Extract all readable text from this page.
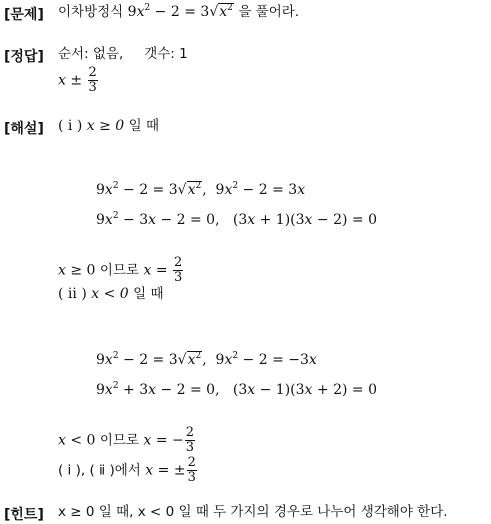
[문제] 이차방정식 $9x^2 - 2 = 3√x^2$ 을 풀어라.
[정답] 순서: 없음, 갯수: 1
$x \pm \frac{2}{3}$
[해설] ( ⅰ ) x ≥ 0 일 때
$9x^2 - 2 = 3√x^2$,  $9x^2 - 2 = 3x$
$9x^2 - 3x - 2 = 0$,   (3x + 1)(3x − 2) = 0
x ≥ 0 이므로 $x = \frac{2}{3}$
( ⅱ ) x < 0 일 때
$9x^2 - 2 = 3√x^2$,  $9x^2 - 2 = -3x$
$9x^2 + 3x - 2 = 0$,   (3x − 1)(3x + 2) = 0
x < 0 이므로 x = − $\frac{2}{3}$
( ⅰ ), ( ⅱ )에서 x = ± $\frac{2}{3}$
[힌트] x ≥ 0 일 때, x < 0 일 때 두 가지의 경우로 나누어 생각해야 한다.
